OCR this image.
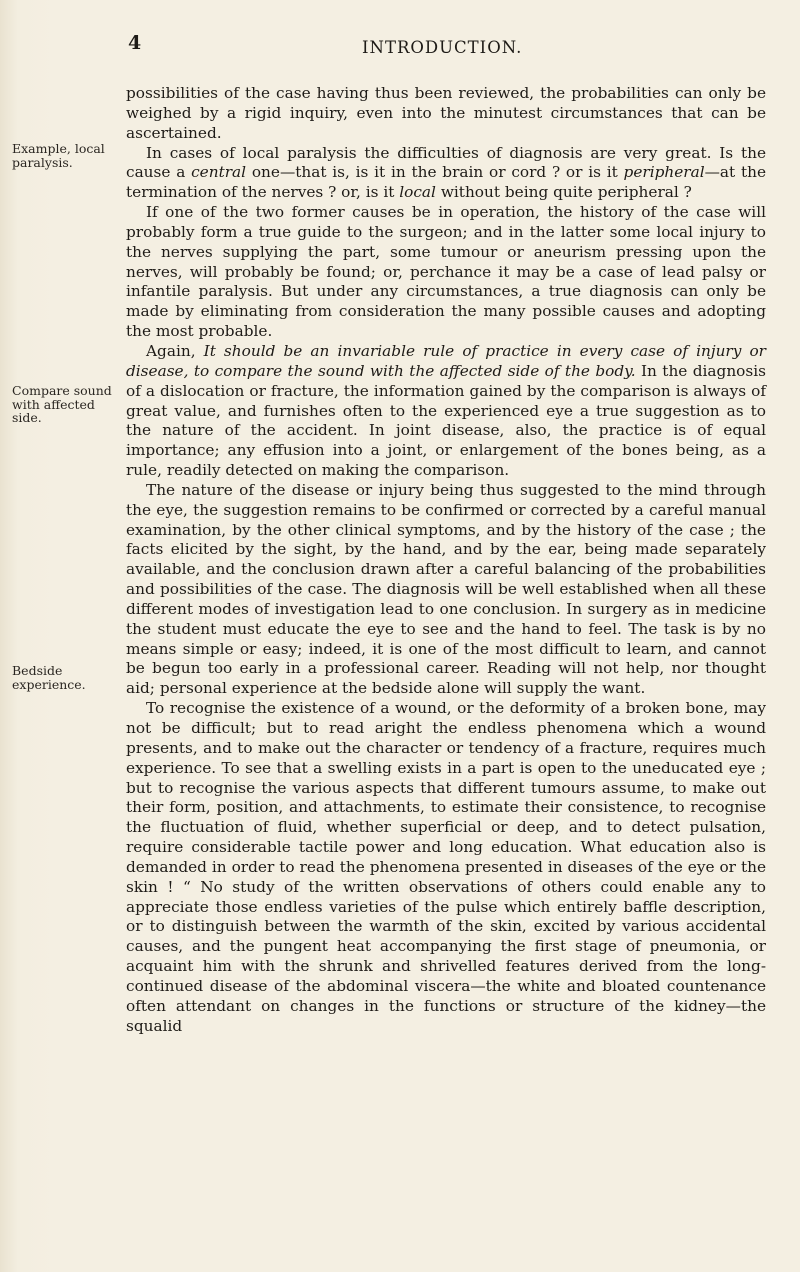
4	INTRODUCTION.
Example, local paralysis.
Compare sound with affected side.
Bedside experience.

possibilities of the case having thus been reviewed, the probabilities can only be weighed by a rigid inquiry, even into the minutest circumstances that can be ascertained.

In cases of local paralysis the difficulties of diagnosis are very great. Is the cause a central one—that is, is it in the brain or cord ? or is it peripheral—at the termination of the nerves ? or, is it local without being quite peripheral ?

If one of the two former causes be in operation, the history of the case will probably form a true guide to the surgeon; and in the latter some local injury to the nerves supplying the part, some tumour or aneurism pressing upon the nerves, will probably be found; or, perchance it may be a case of lead palsy or infantile paralysis. But under any circumstances, a true diagnosis can only be made by eliminating from consideration the many possible causes and adopting the most probable.

Again, It should be an invariable rule of practice in every case of injury or disease, to compare the sound with the affected side of the body. In the diagnosis of a dislocation or fracture, the information gained by the comparison is always of great value, and furnishes often to the experienced eye a true suggestion as to the nature of the accident. In joint disease, also, the practice is of equal importance; any effusion into a joint, or enlargement of the bones being, as a rule, readily detected on making the comparison.

The nature of the disease or injury being thus suggested to the mind through the eye, the suggestion remains to be confirmed or corrected by a careful manual examination, by the other clinical symptoms, and by the history of the case ; the facts elicited by the sight, by the hand, and by the ear, being made separately available, and the conclusion drawn after a careful balancing of the probabilities and possibilities of the case. The diagnosis will be well established when all these different modes of investigation lead to one conclusion. In surgery as in medicine the student must educate the eye to see and the hand to feel. The task is by no means simple or easy; indeed, it is one of the most difficult to learn, and cannot be begun too early in a professional career. Reading will not help, nor thought aid; personal experience at the bedside alone will supply the want.

To recognise the existence of a wound, or the deformity of a broken bone, may not be difficult; but to read aright the endless phenomena which a wound presents, and to make out the character or tendency of a fracture, requires much experience. To see that a swelling exists in a part is open to the uneducated eye ; but to recognise the various aspects that different tumours assume, to make out their form, position, and attachments, to estimate their consistence, to recognise the fluctuation of fluid, whether superficial or deep, and to detect pulsation, require considerable tactile power and long education. What education also is demanded in order to read the phenomena presented in diseases of the eye or the skin ! “ No study of the written observations of others could enable any to appreciate those endless varieties of the pulse which entirely baffle description, or to distinguish between the warmth of the skin, excited by various accidental causes, and the pungent heat accompanying the first stage of pneumonia, or acquaint him with the shrunk and shrivelled features derived from the long-continued disease of the abdominal viscera—the white and bloated countenance often attendant on changes in the functions or structure of the kidney—the squalid
